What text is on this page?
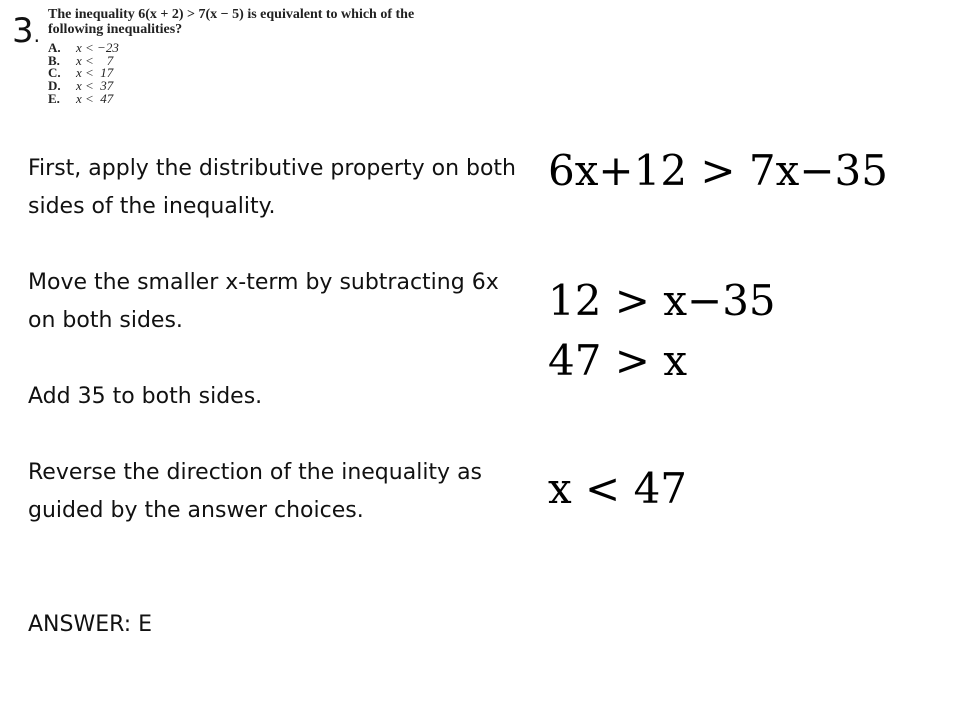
3.

The inequality 6(x + 2) > 7(x − 5) is equivalent to which of the following inequalities?

A.	x < −23
B.	x <    7
C.	x <  17
D.	x <  37
E.	x <  47

First, apply the distributive property on both sides of the inequality.

Move the smaller x-term by subtracting 6x on both sides.

Add 35 to both sides.

Reverse the direction of the inequality as guided by the answer choices.

ANSWER: E

6x+12 > 7x−35
12 > x−35
47 > x
x < 47
